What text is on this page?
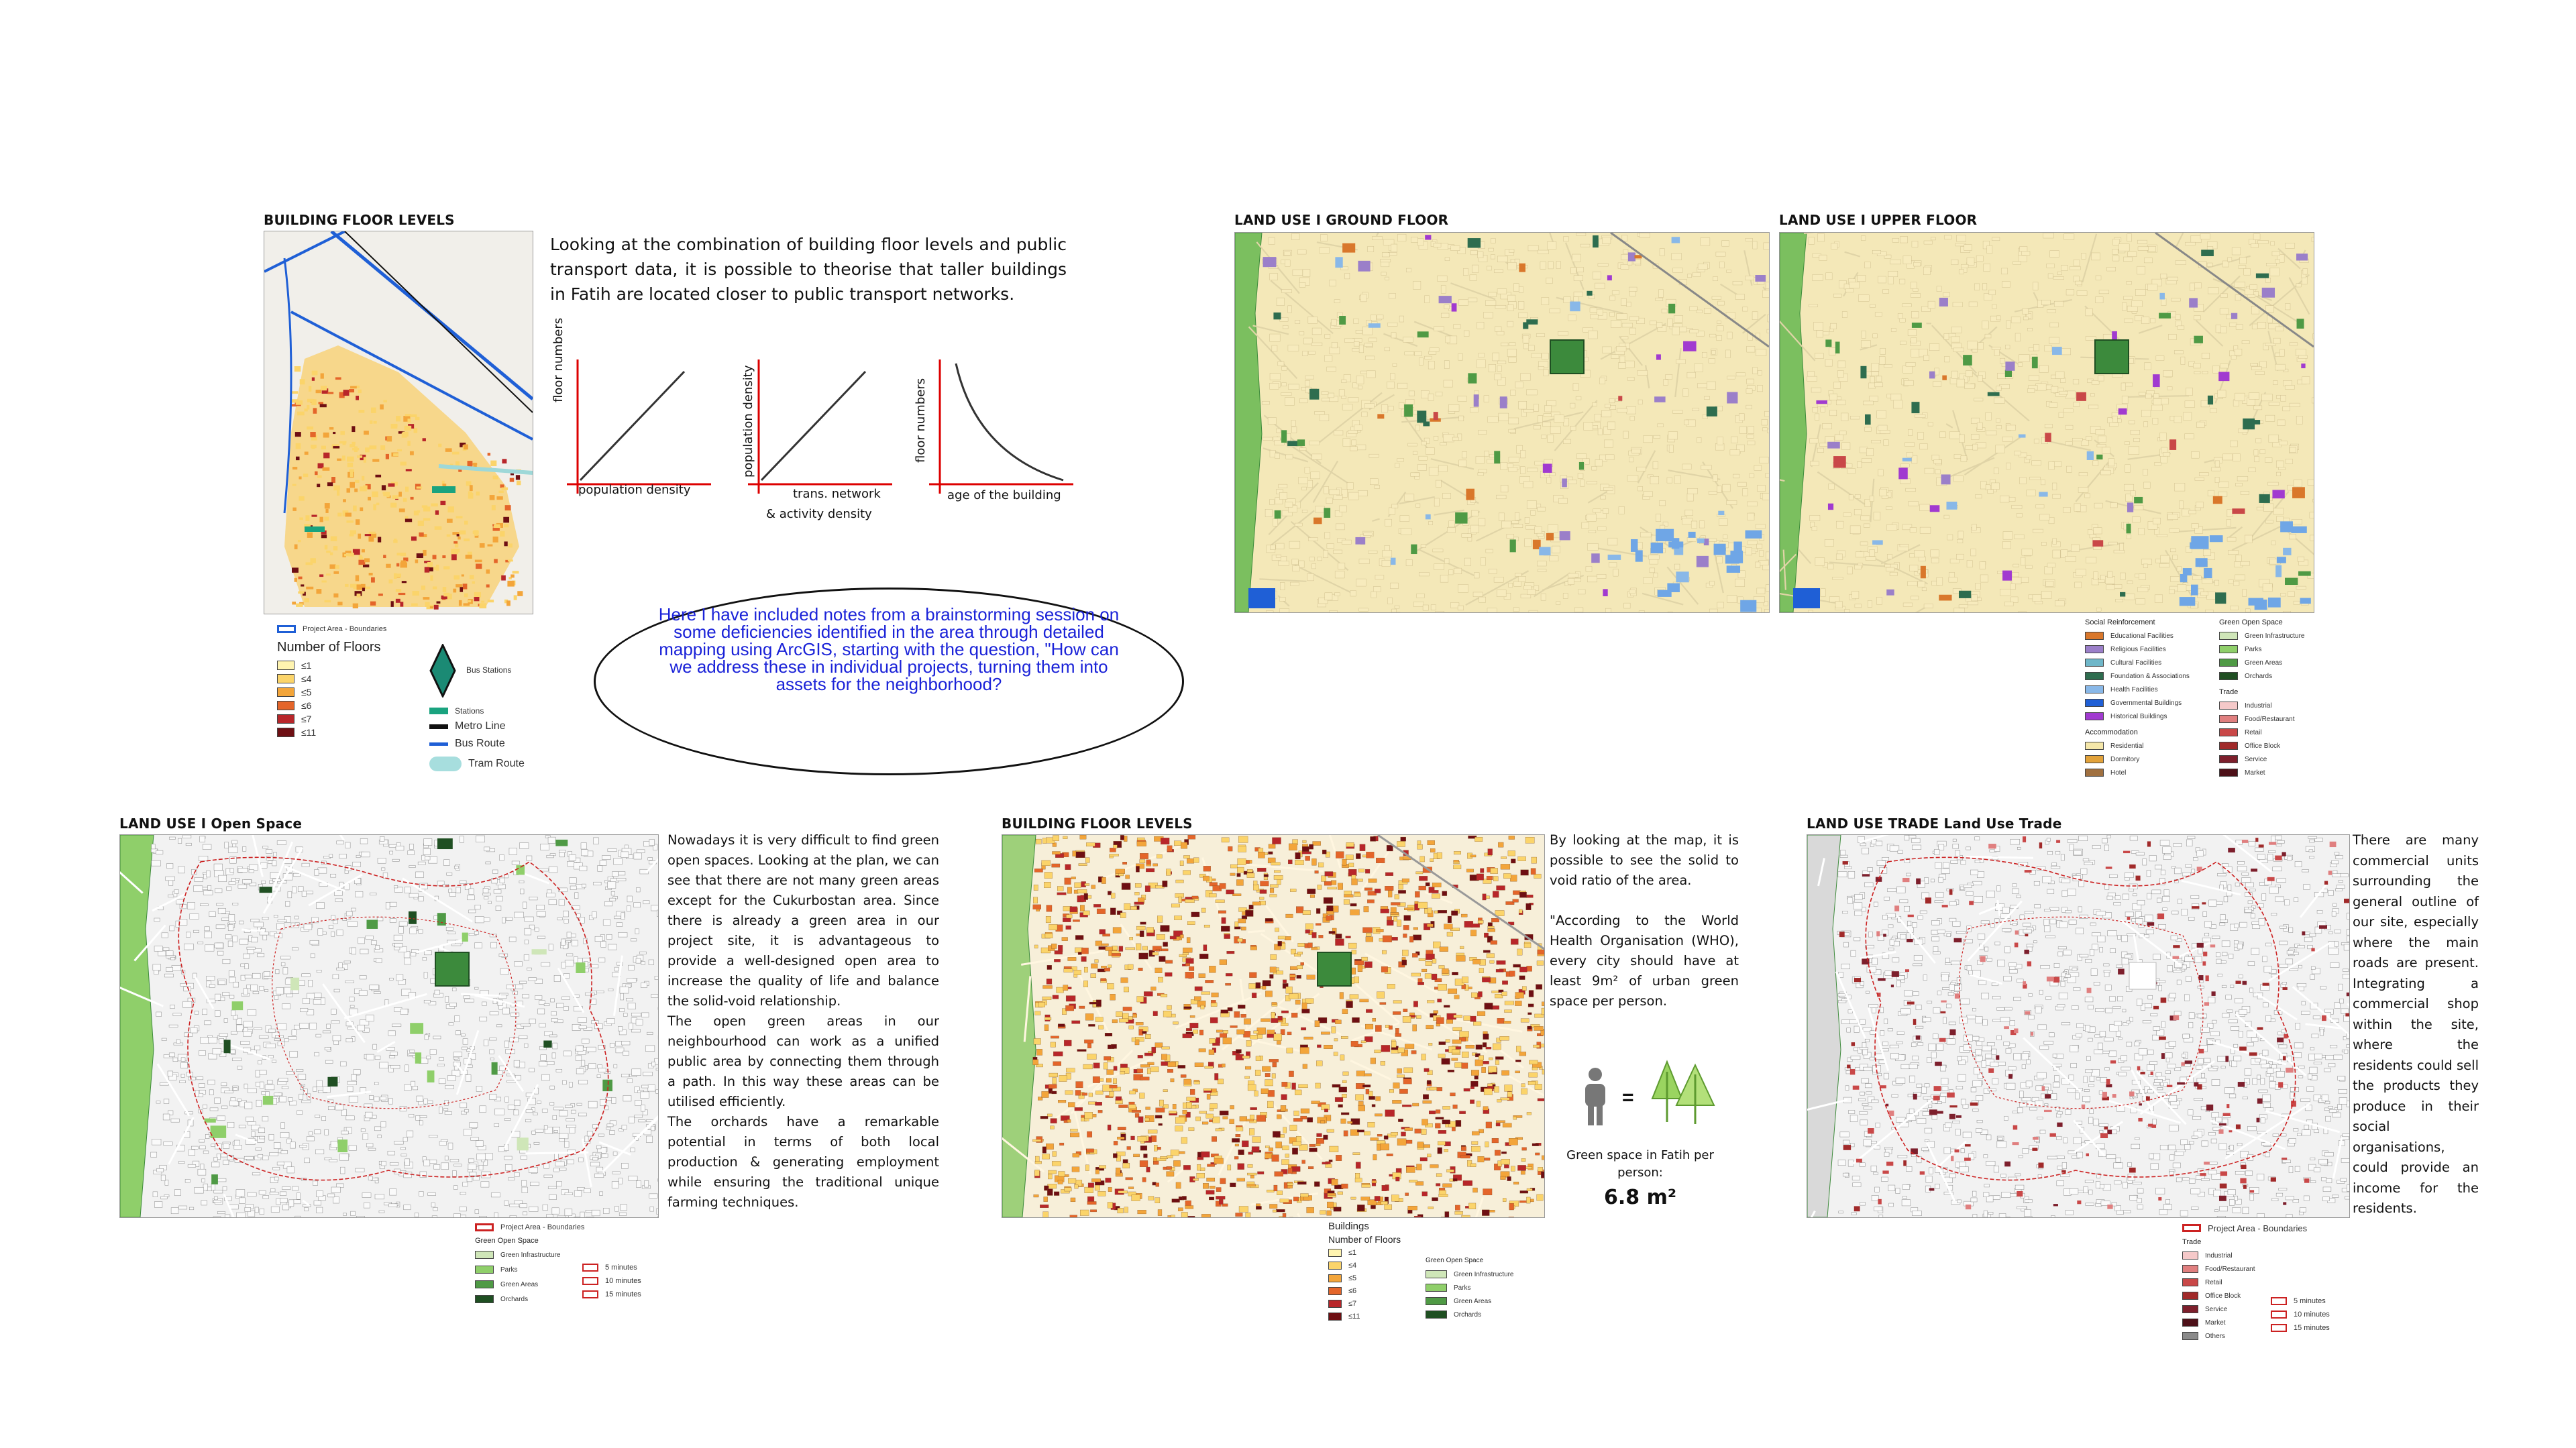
BUILDING FLOOR LEVELS
Project Area - Boundaries
Number of Floors
≤1
≤4
≤5
≤6
≤7
≤11
Bus Stations
Stations
Metro Line
Bus Route
Tram Route
Looking at the combination of building floor levels and public transport data, it is possible to theorise that taller buildings in Fatih are located closer to public transport networks.
floor numbers
population density
population density
trans. network
& activity density
floor numbers
age of the building
Here I have included notes from a brainstorming session on some deficiencies identified in the area through detailed mapping using ArcGIS, starting with the question, "How can we address these in individual projects, turning them into assets for the neighborhood?
LAND USE I GROUND FLOOR	LAND USE I UPPER FLOOR
Social Reinforcement
Educational Facilities
Religious Facilities
Cultural Facilities
Foundation & Associations
Health Facilities
Governmental Buildings
Historical Buildings
Accommodation
Residential
Dormitory
Hotel
Green Open Space
Green Infrastructure
Parks
Green Areas
Orchards
Trade
Industrial
Food/Restaurant
Retail
Office Block
Service
Market
LAND USE I Open Space

Nowadays it is very difficult to find green open spaces. Looking at the plan, we can see that there are not many green areas except for the Cukurbostan area. Since there is already a green area in our project site, it is advantageous to provide a well-designed open area to increase the quality of life and balance the solid-void relationship.

The open green areas in our neighbourhood can work as a unified public area by connecting them through a path. In this way these areas can be utilised efficiently.

The orchards have a remarkable potential in terms of both local production & generating employment while ensuring the traditional unique farming techniques.

Project Area - Boundaries
Green Open Space
Green Infrastructure
Parks
Green Areas
Orchards
5 minutes
10 minutes
15 minutes
BUILDING FLOOR LEVELS

By looking at the map, it is possible to see the solid to void ratio of the area.

"According to the World Health Organisation (WHO), every city should have at least 9m² of urban green space per person.

=
Green space in Fatih per person:
6.8 m²
Buildings
Number of Floors
≤1
≤4
≤5
≤6
≤7
≤11
Green Open Space
Green Infrastructure
Parks
Green Areas
Orchards
LAND USE TRADE Land Use Trade
There are many commercial units surrounding the general outline of our site, especially where the main roads are present. Integrating a commercial shop within the site, where the residents could sell the products they produce in their social organisations, could provide an income for the residents.
Project Area - Boundaries
Trade
Industrial
Food/Restaurant
Retail
Office Block
Service
Market
Others
5 minutes
10 minutes
15 minutes
